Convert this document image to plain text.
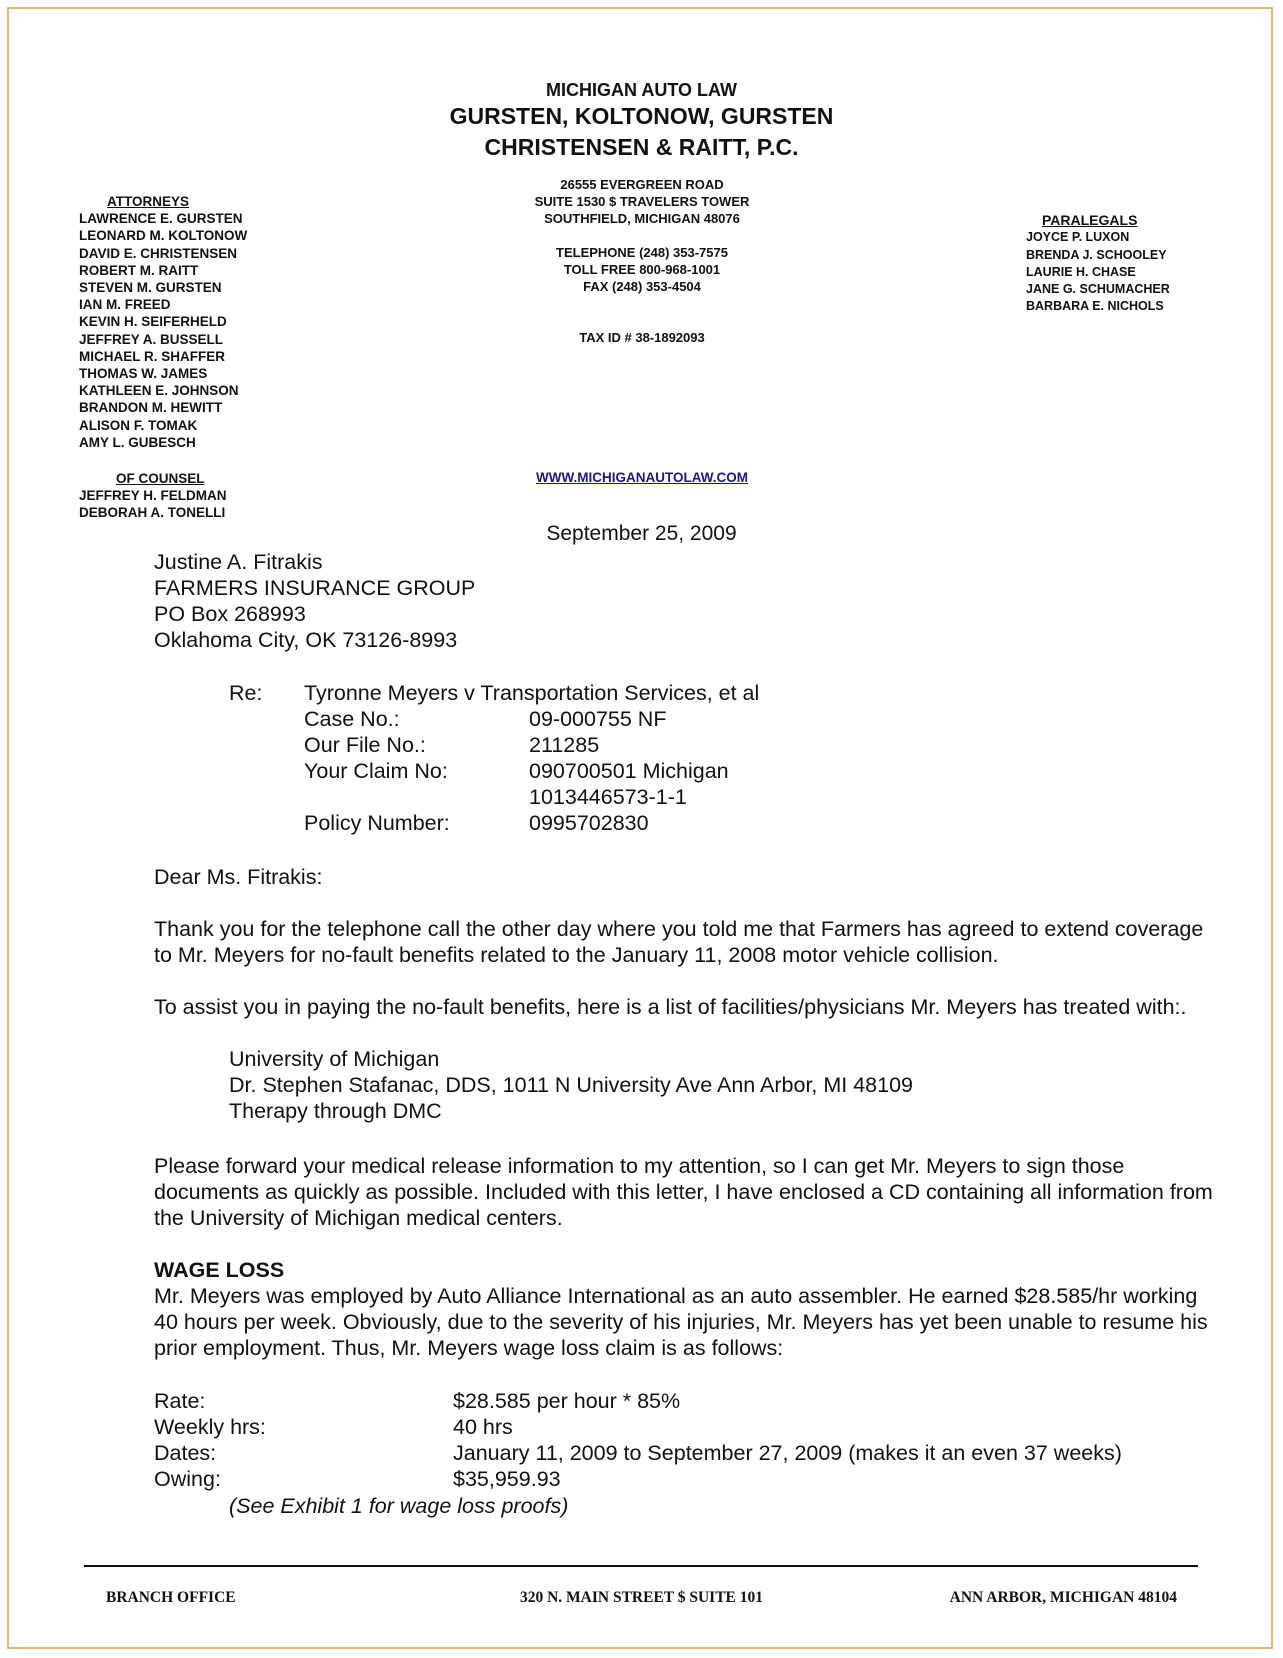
MICHIGAN AUTO LAW
GURSTEN, KOLTONOW, GURSTEN
CHRISTENSEN & RAITT, P.C.
26555 EVERGREEN ROAD
SUITE 1530 $ TRAVELERS TOWER
SOUTHFIELD, MICHIGAN 48076
TELEPHONE (248) 353-7575
TOLL FREE 800-968-1001
FAX (248) 353-4504
TAX ID # 38-1892093
ATTORNEYS
LAWRENCE E. GURSTEN
LEONARD M. KOLTONOW
DAVID E. CHRISTENSEN
ROBERT M. RAITT
STEVEN M. GURSTEN
IAN M. FREED
KEVIN H. SEIFERHELD
JEFFREY A. BUSSELL
MICHAEL R. SHAFFER
THOMAS W. JAMES
KATHLEEN E. JOHNSON
BRANDON M. HEWITT
ALISON F. TOMAK
AMY L. GUBESCH
OF COUNSEL
JEFFREY H. FELDMAN
DEBORAH A. TONELLI
PARALEGALS
JOYCE P. LUXON
BRENDA J. SCHOOLEY
LAURIE H. CHASE
JANE G. SCHUMACHER
BARBARA E. NICHOLS
WWW.MICHIGANAUTOLAW.COM
September 25, 2009
Justine A. Fitrakis
FARMERS INSURANCE GROUP
PO Box 268993
Oklahoma City, OK 73126-8993
Re: Tyronne Meyers v Transportation Services, et al
Case No.:
Our File No.:
Your Claim No:
Policy Number:
09-000755 NF
211285
090700501 Michigan
1013446573-1-1
0995702830
Dear Ms. Fitrakis:
Thank you for the telephone call the other day where you told me that Farmers has agreed to extend coverage to Mr. Meyers for no-fault benefits related to the January 11, 2008 motor vehicle collision.
To assist you in paying the no-fault benefits, here is a list of facilities/physicians Mr. Meyers has treated with:.
University of Michigan
Dr. Stephen Stafanac, DDS, 1011 N University Ave Ann Arbor, MI 48109
Therapy through DMC
Please forward your medical release information to my attention, so I can get Mr. Meyers to sign those documents as quickly as possible. Included with this letter, I have enclosed a CD containing all information from the University of Michigan medical centers.
WAGE LOSS
Mr. Meyers was employed by Auto Alliance International as an auto assembler. He earned $28.585/hr working 40 hours per week. Obviously, due to the severity of his injuries, Mr. Meyers has yet been unable to resume his prior employment. Thus, Mr. Meyers wage loss claim is as follows:
Rate:
Weekly hrs:
Dates:
Owing:
$28.585 per hour * 85%
40 hrs
January 11, 2009 to September 27, 2009 (makes it an even 37 weeks)
$35,959.93
(See Exhibit 1 for wage loss proofs)
BRANCH OFFICE	320 N. MAIN STREET $ SUITE 101	ANN ARBOR, MICHIGAN 48104
